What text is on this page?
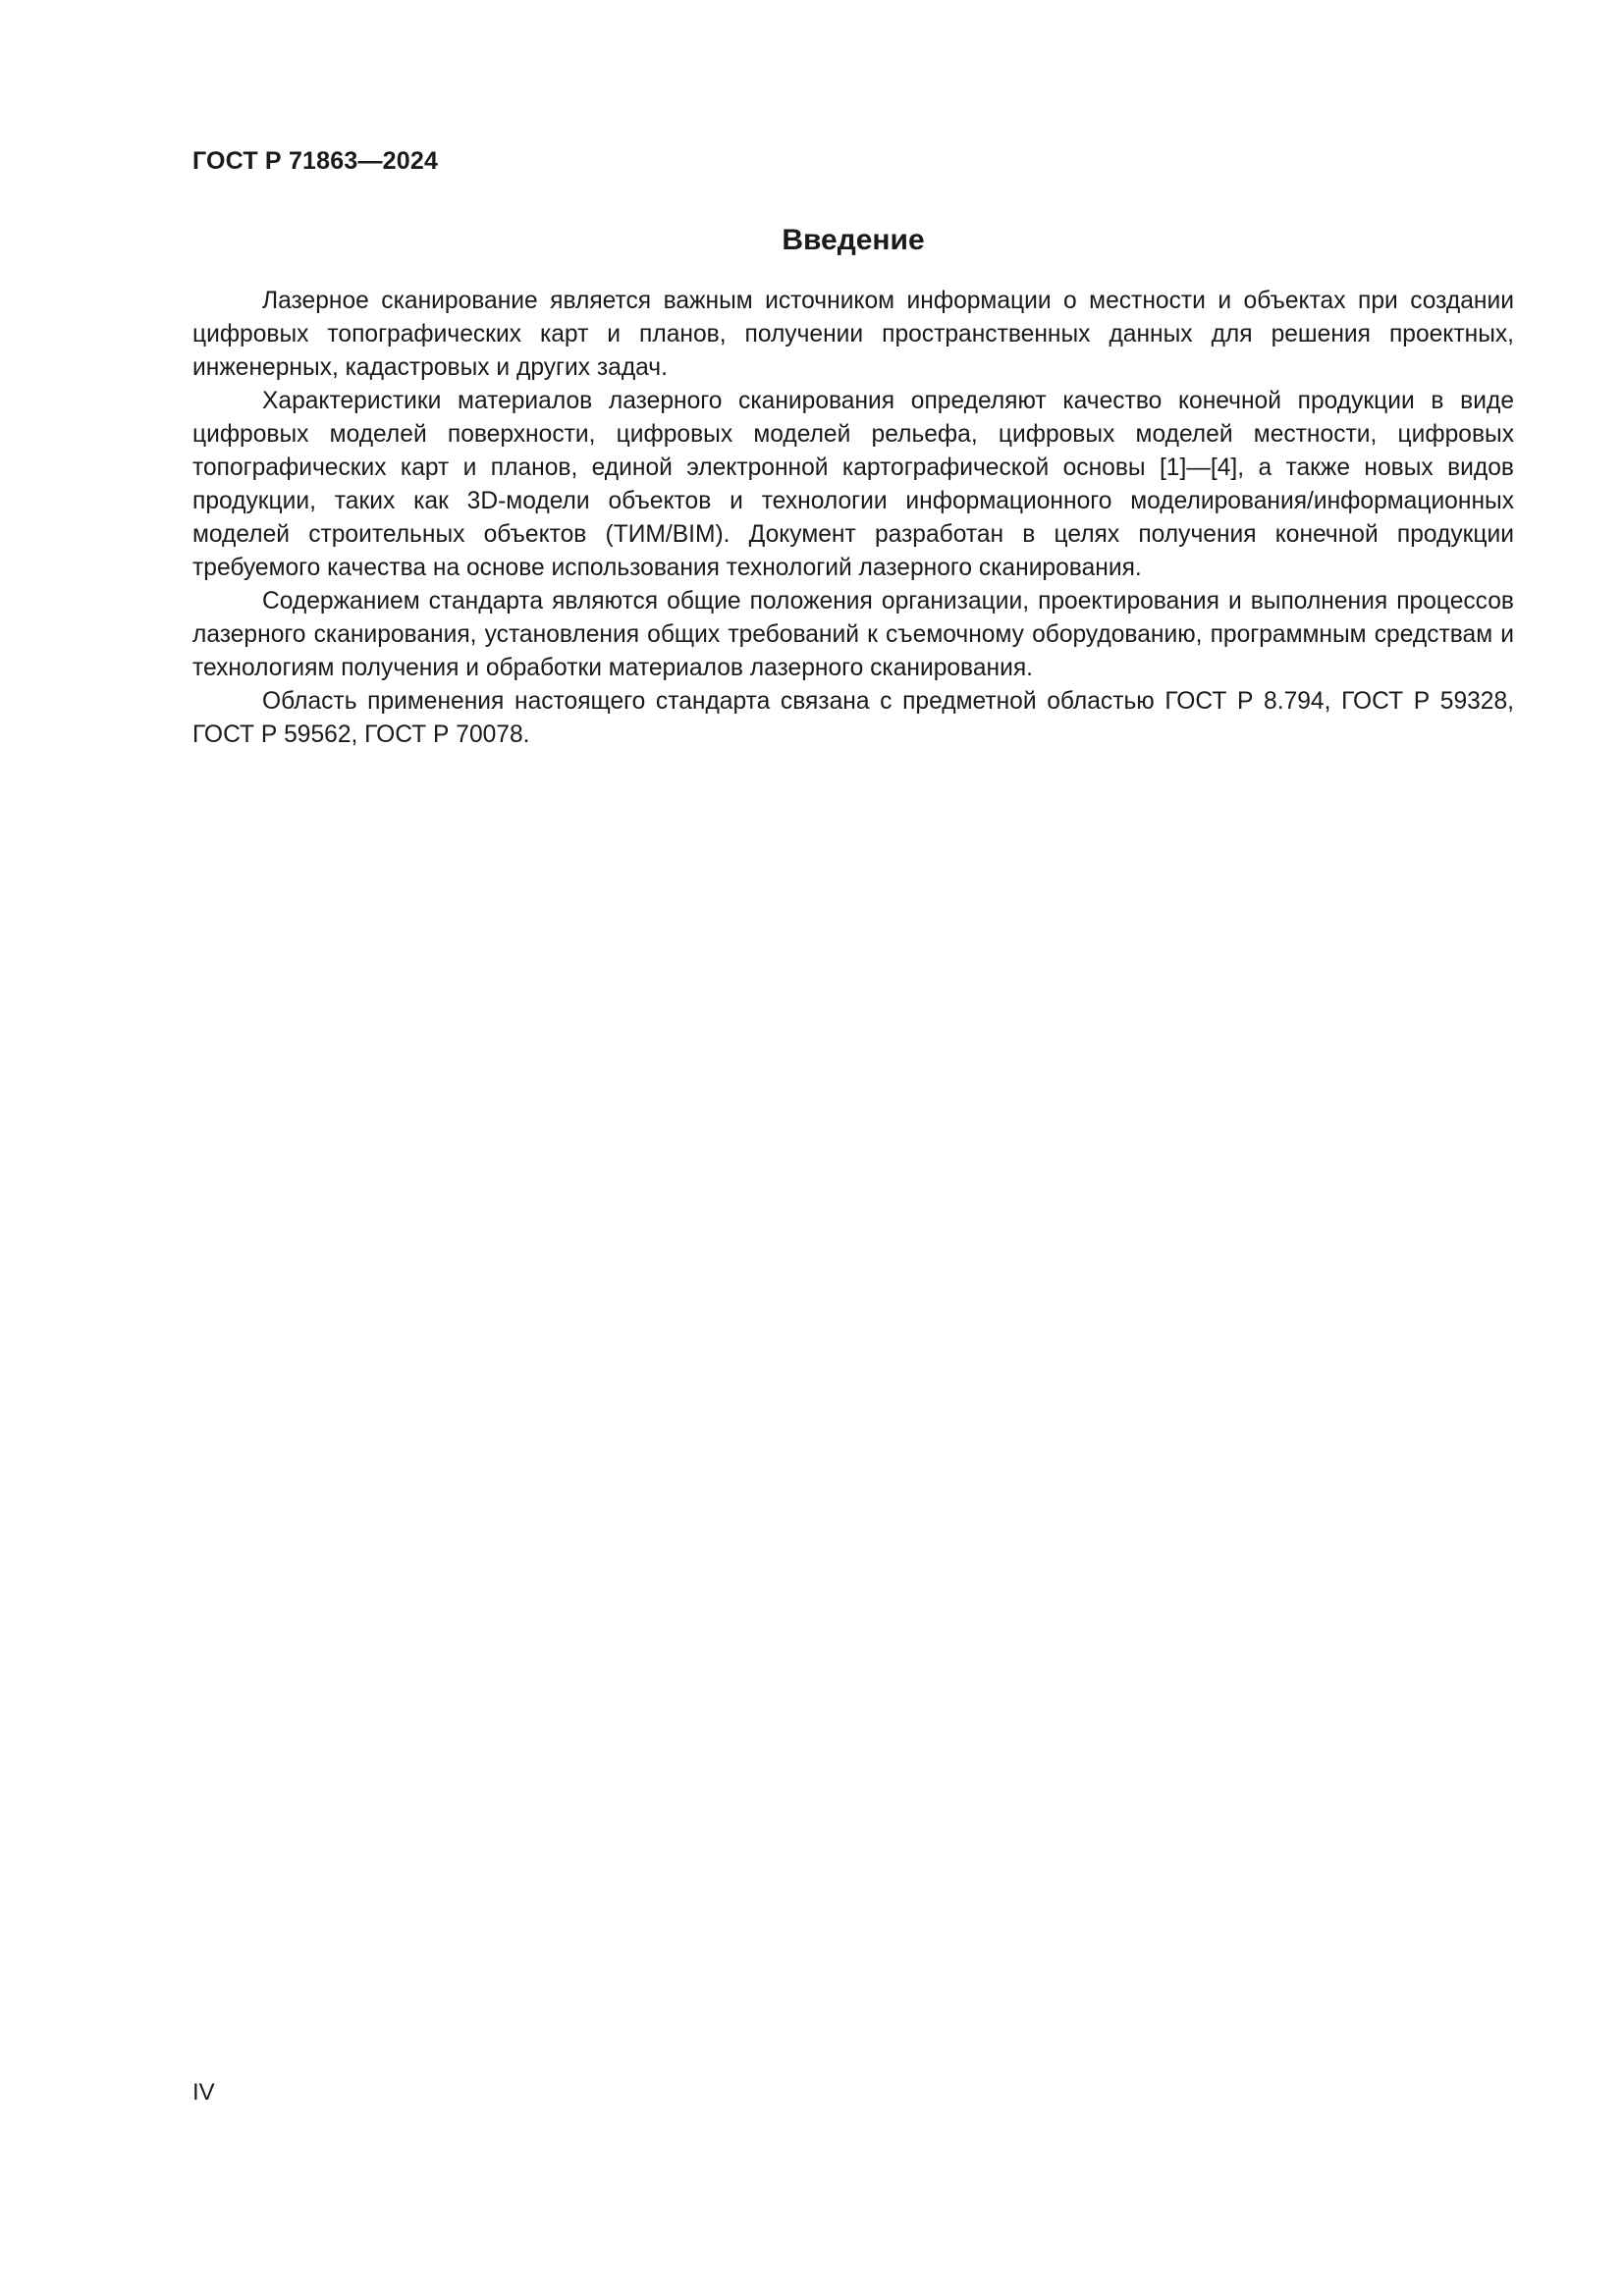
ГОСТ Р 71863—2024

Введение

Лазерное сканирование является важным источником информации о местности и объектах при создании цифровых топографических карт и планов, получении пространственных данных для решения проектных, инженерных, кадастровых и других задач.

Характеристики материалов лазерного сканирования определяют качество конечной продукции в виде цифровых моделей поверхности, цифровых моделей рельефа, цифровых моделей местности, цифровых топографических карт и планов, единой электронной картографической основы [1]—[4], а также новых видов продукции, таких как 3D-модели объектов и технологии информационного моделирования/информационных моделей строительных объектов (ТИМ/BIM). Документ разработан в целях получения конечной продукции требуемого качества на основе использования технологий лазерного сканирования.

Содержанием стандарта являются общие положения организации, проектирования и выполнения процессов лазерного сканирования, установления общих требований к съемочному оборудованию, программным средствам и технологиям получения и обработки материалов лазерного сканирования.

Область применения настоящего стандарта связана с предметной областью ГОСТ Р 8.794, ГОСТ Р 59328, ГОСТ Р 59562, ГОСТ Р 70078.

IV
